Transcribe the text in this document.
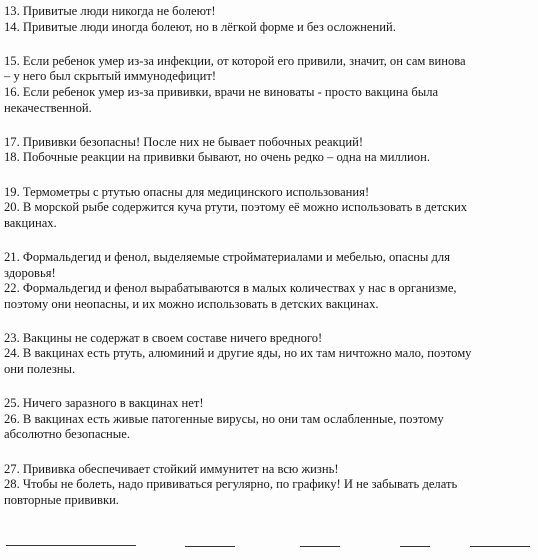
13. Привитые люди никогда не болеют!
14. Привитые люди иногда болеют, но в лёгкой форме и без осложнений.
15. Если ребенок умер из-за инфекции, от которой его привили, значит, он сам винова
– у него был скрытый иммунодефицит!
16. Если ребенок умер из-за прививки, врачи не виноваты - просто вакцина была
некачественной.
17. Прививки безопасны! После них не бывает побочных реакций!
18. Побочные реакции на прививки бывают, но очень редко – одна на миллион.
19. Термометры с ртутью опасны для медицинского использования!
20. В морской рыбе содержится куча ртути, поэтому её можно использовать в детских
вакцинах.
21. Формальдегид и фенол, выделяемые стройматериалами и мебелью, опасны для
здоровья!
22. Формальдегид и фенол вырабатываются в малых количествах у нас в организме,
поэтому они неопасны, и их можно использовать в детских вакцинах.
23. Вакцины не содержат в своем составе ничего вредного!
24. В вакцинах есть ртуть, алюминий и другие яды, но их там ничтожно мало, поэтому
они полезны.
25. Ничего заразного в вакцинах нет!
26. В вакцинах есть живые патогенные вирусы, но они там ослабленные, поэтому
абсолютно безопасные.
27. Прививка обеспечивает стойкий иммунитет на всю жизнь!
28. Чтобы не болеть, надо прививаться регулярно, по графику! И не забывать делать
повторные прививки.
